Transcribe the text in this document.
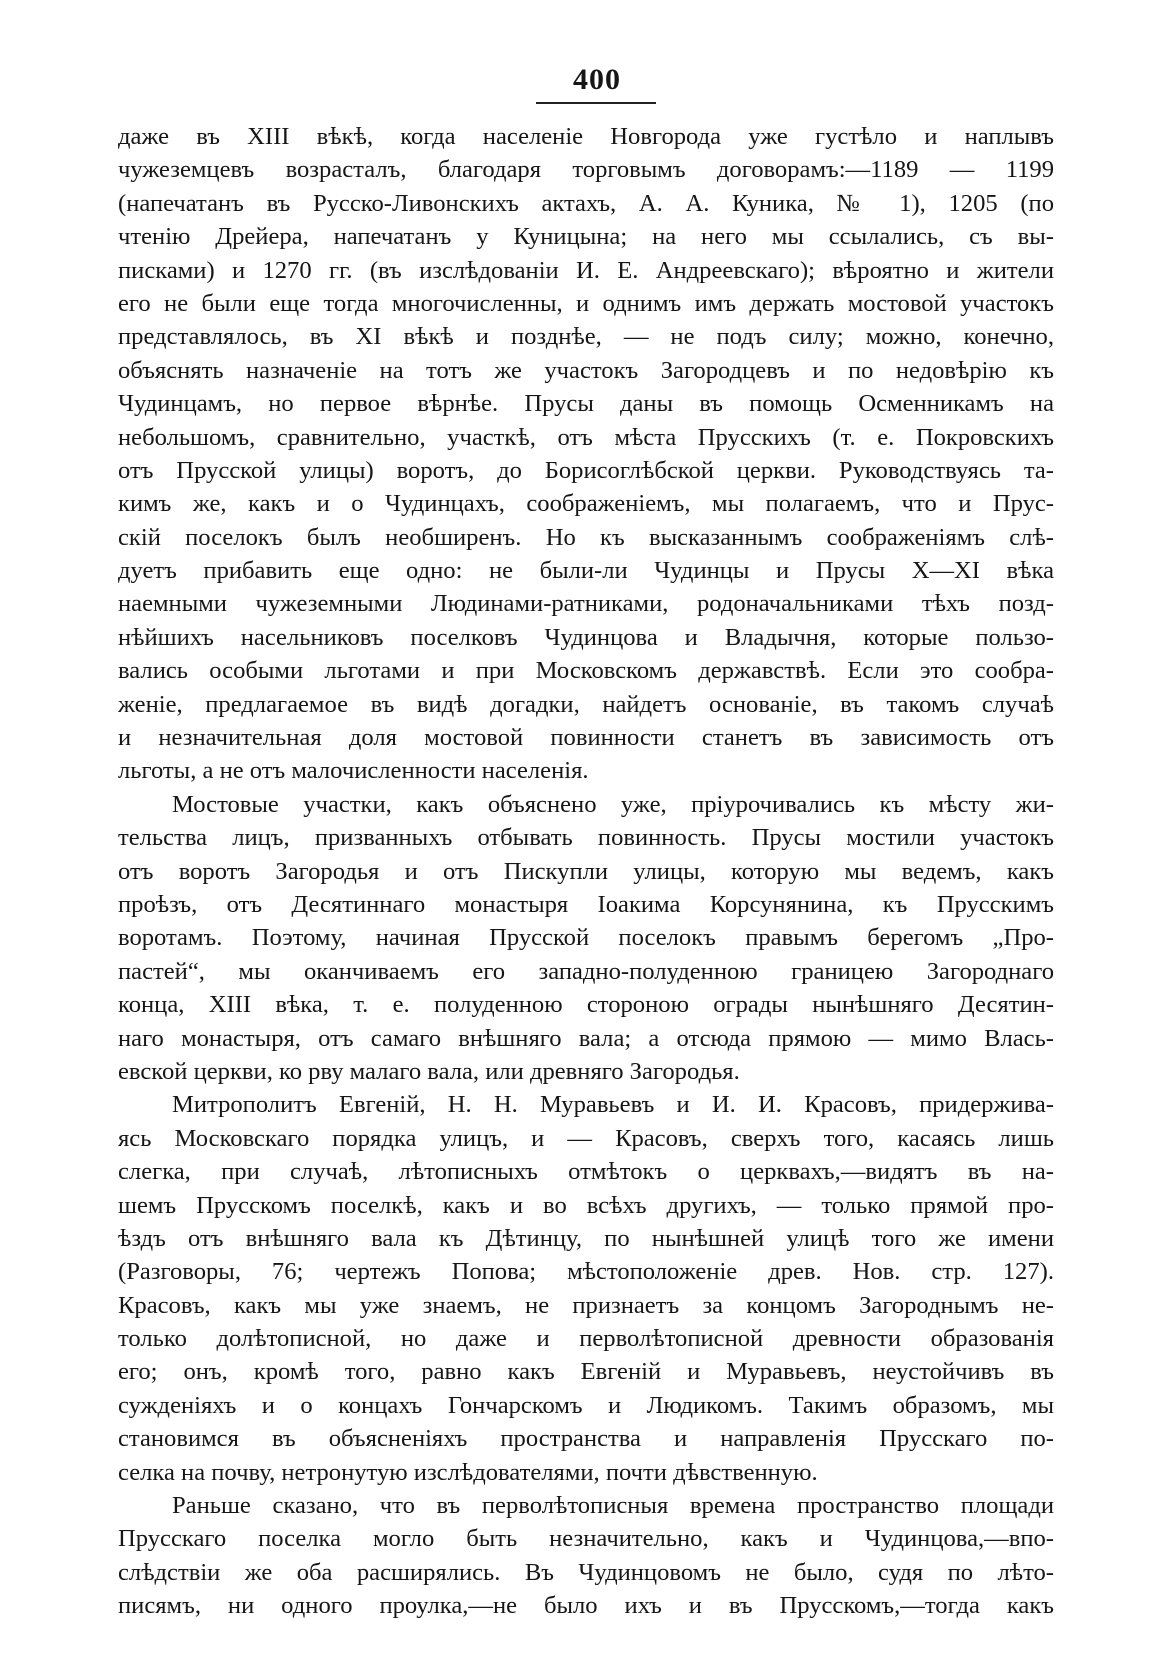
400
даже въ XIII вѣкѣ, когда населенiе Новгорода уже густѣло и наплывъ
чужеземцевъ возрасталъ, благодаря торговымъ договорамъ:—1189 — 1199
(напечатанъ въ Русско-Ливонскихъ актахъ, А. А. Куника, № 1), 1205 (по
чтенiю Дрейера, напечатанъ у Куницына; на него мы ссылались, съ вы-
писками) и 1270 гг. (въ изслѣдованiи И. Е. Андреевскаго); вѣроятно и жители
его не были еще тогда многочисленны, и однимъ имъ держать мостовой участокъ
представлялось, въ XI вѣкѣ и позднѣе, — не подъ силу; можно, конечно,
объяснять назначенiе на тотъ же участокъ Загородцевъ и по недовѣрiю къ
Чудинцамъ, но первое вѣрнѣе. Прусы даны въ помощь Осменникамъ на
небольшомъ, сравнительно, участкѣ, отъ мѣста Прусскихъ (т. е. Покровскихъ
отъ Прусской улицы) воротъ, до Борисоглѣбской церкви. Руководствуясь та-
кимъ же, какъ и о Чудинцахъ, соображенiемъ, мы полагаемъ, что и Прус-
скiй поселокъ былъ необширенъ. Но къ высказаннымъ соображенiямъ слѣ-
дуетъ прибавить еще одно: не были-ли Чудинцы и Прусы X—XI вѣка
наемными чужеземными Людинами-ратниками, родоначальниками тѣхъ позд-
нѣйшихъ насельниковъ поселковъ Чудинцова и Владычня, которые пользо-
вались особыми льготами и при Московскомъ державствѣ. Если это сообра-
женiе, предлагаемое въ видѣ догадки, найдетъ основанiе, въ такомъ случаѣ
и незначительная доля мостовой повинности станетъ въ зависимость отъ
льготы, а не отъ малочисленности населенiя.
Мостовые участки, какъ объяснено уже, прiурочивались къ мѣсту жи-
тельства лицъ, призванныхъ отбывать повинность. Прусы мостили участокъ
отъ воротъ Загородья и отъ Пискупли улицы, которую мы ведемъ, какъ
проѣзъ, отъ Десятиннаго монастыря Iоакима Корсунянина, къ Прусскимъ
воротамъ. Поэтому, начиная Прусской поселокъ правымъ берегомъ „Про-
пастей“, мы оканчиваемъ его западно-полуденною границею Загороднаго
конца, XIII вѣка, т. е. полуденною стороною ограды нынѣшняго Десятин-
наго монастыря, отъ самаго внѣшняго вала; а отсюда прямою — мимо Влась-
евской церкви, ко рву малаго вала, или древняго Загородья.
Митрополитъ Евгенiй, Н. Н. Муравьевъ и И. И. Красовъ, придержива-
ясь Московскаго порядка улицъ, и — Красовъ, сверхъ того, касаясь лишь
слегка, при случаѣ, лѣтописныхъ отмѣтокъ о церквахъ,—видятъ въ на-
шемъ Прусскомъ поселкѣ, какъ и во всѣхъ другихъ, — только прямой про-
ѣздъ отъ внѣшняго вала къ Дѣтинцу, по нынѣшней улицѣ того же имени
(Разговоры, 76; чертежъ Попова; мѣстоположенiе древ. Нов. стр. 127).
Красовъ, какъ мы уже знаемъ, не признаетъ за концомъ Загороднымъ не-
только долѣтописной, но даже и перволѣтописной древности образованiя
его; онъ, кромѣ того, равно какъ Евгенiй и Муравьевъ, неустойчивъ въ
сужденiяхъ и о концахъ Гончарскомъ и Людикомъ. Такимъ образомъ, мы
становимся въ объясненiяхъ пространства и направленiя Прусскаго по-
селка на почву, нетронутую изслѣдователями, почти дѣвственную.
Раньше сказано, что въ перволѣтописныя времена пространство площади
Прусскаго поселка могло быть незначительно, какъ и Чудинцова,—впо-
слѣдствiи же оба расширялись. Въ Чудинцовомъ не было, судя по лѣто-
писямъ, ни одного проулка,—не было ихъ и въ Прусскомъ,—тогда какъ
